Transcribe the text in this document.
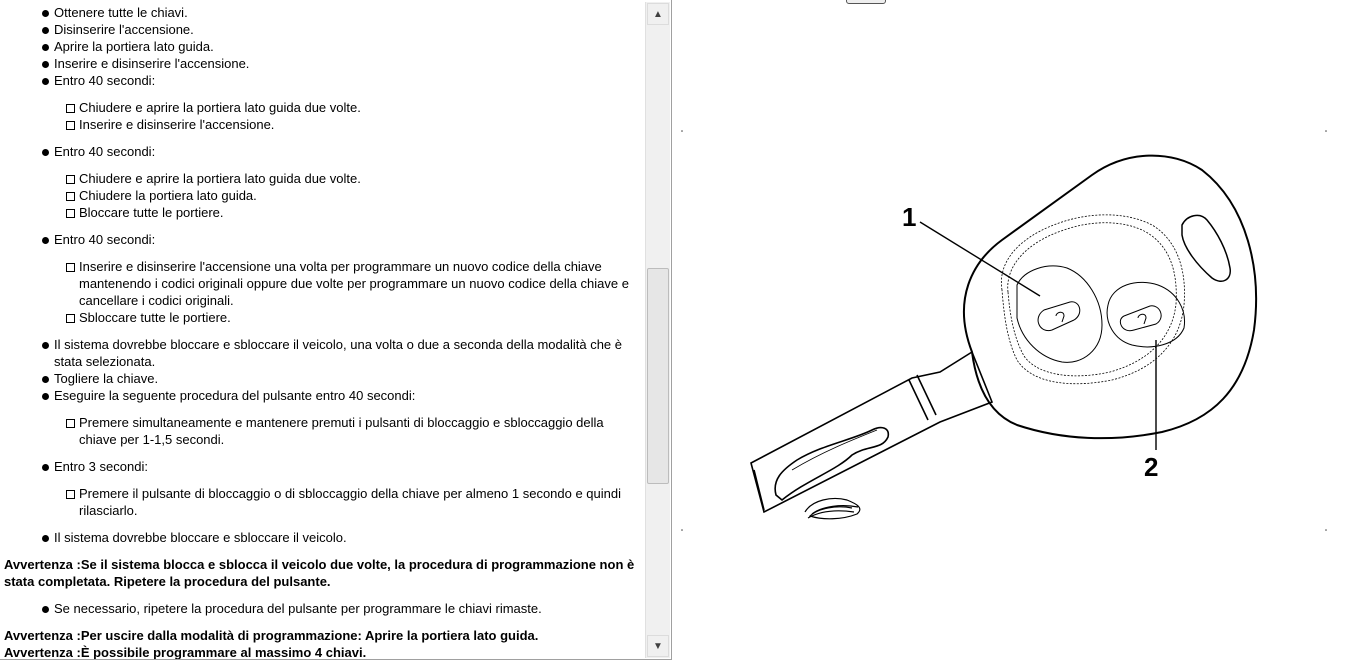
Ottenere tutte le chiavi.
Disinserire l'accensione.
Aprire la portiera lato guida.
Inserire e disinserire l'accensione.
Entro 40 secondi:
Chiudere e aprire la portiera lato guida due volte.
Inserire e disinserire l'accensione.
Entro 40 secondi:
Chiudere e aprire la portiera lato guida due volte.
Chiudere la portiera lato guida.
Bloccare tutte le portiere.
Entro 40 secondi:
Inserire e disinserire l'accensione una volta per programmare un nuovo codice della chiave mantenendo i codici originali oppure due volte per programmare un nuovo codice della chiave e cancellare i codici originali.
Sbloccare tutte le portiere.
Il sistema dovrebbe bloccare e sbloccare il veicolo, una volta o due a seconda della modalità che è stata selezionata.
Togliere la chiave.
Eseguire la seguente procedura del pulsante entro 40 secondi:
Premere simultaneamente e mantenere premuti i pulsanti di bloccaggio e sbloccaggio della chiave per 1-1,5 secondi.
Entro 3 secondi:
Premere il pulsante di bloccaggio o di sbloccaggio della chiave per almeno 1 secondo e quindi rilasciarlo.
Il sistema dovrebbe bloccare e sbloccare il veicolo.
Avvertenza :Se il sistema blocca e sblocca il veicolo due volte, la procedura di programmazione non è stata completata. Ripetere la procedura del pulsante.
Se necessario, ripetere la procedura del pulsante per programmare le chiavi rimaste.
Avvertenza :Per uscire dalla modalità di programmazione: Aprire la portiera lato guida.
Avvertenza :È possibile programmare al massimo 4 chiavi.
▲
▼
1
2
